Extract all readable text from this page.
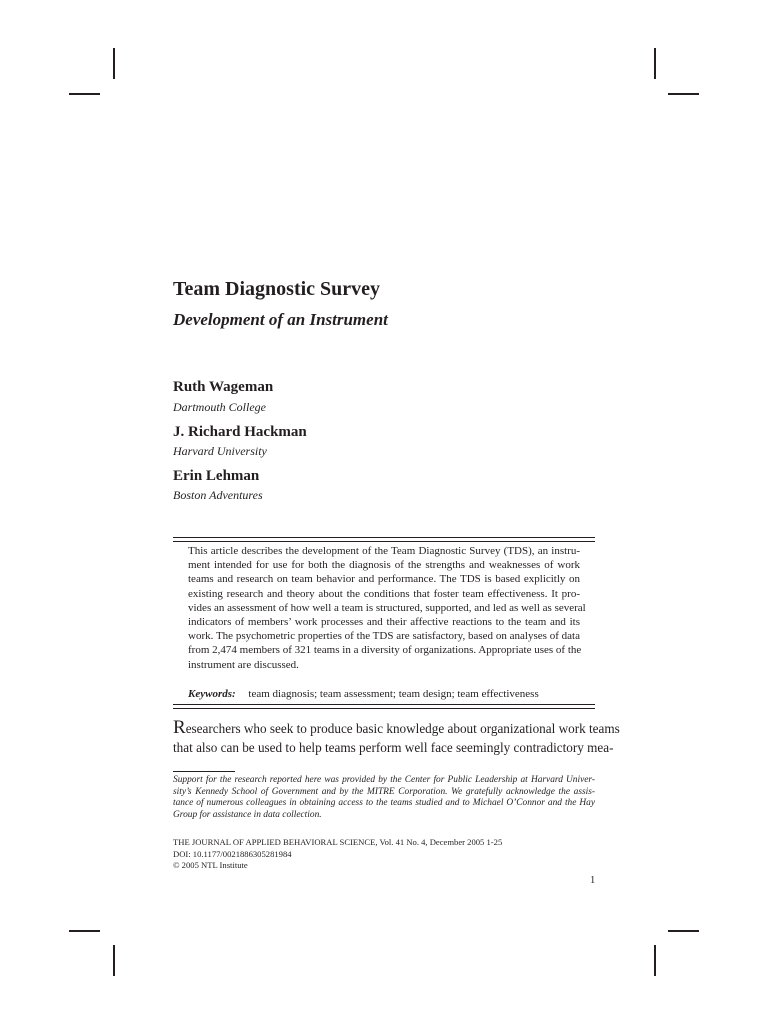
Team Diagnostic Survey
Development of an Instrument
Ruth Wageman
Dartmouth College
J. Richard Hackman
Harvard University
Erin Lehman
Boston Adventures
This article describes the development of the Team Diagnostic Survey (TDS), an instru-
ment intended for use for both the diagnosis of the strengths and weaknesses of work
teams and research on team behavior and performance. The TDS is based explicitly on
existing research and theory about the conditions that foster team effectiveness. It pro-
vides an assessment of how well a team is structured, supported, and led as well as several
indicators of members’ work processes and their affective reactions to the team and its
work. The psychometric properties of the TDS are satisfactory, based on analyses of data
from 2,474 members of 321 teams in a diversity of organizations. Appropriate uses of the
instrument are discussed.
Keywords: team diagnosis; team assessment; team design; team effectiveness
Researchers who seek to produce basic knowledge about organizational work teams
that also can be used to help teams perform well face seemingly contradictory mea-
Support for the research reported here was provided by the Center for Public Leadership at Harvard Univer-
sity’s Kennedy School of Government and by the MITRE Corporation. We gratefully acknowledge the assis-
tance of numerous colleagues in obtaining access to the teams studied and to Michael O’Connor and the Hay
Group for assistance in data collection.
THE JOURNAL OF APPLIED BEHAVIORAL SCIENCE, Vol. 41 No. 4, December 2005 1-25
DOI: 10.1177/0021886305281984
© 2005 NTL Institute
1
